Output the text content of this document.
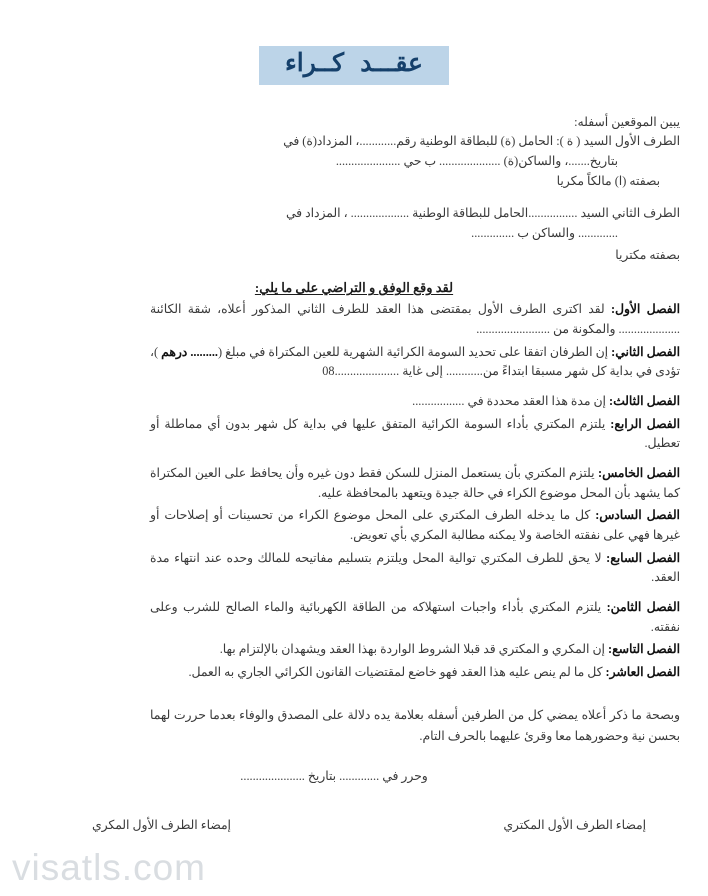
عقـــد كــراء
يبين الموقعين أسفله:
الطرف الأول السيد ( ة ): الحامل (ة) للبطاقة الوطنية رقم............، المزداد(ة) في
بتاريخ.......، والساكن(ة) .................... ب حي .....................
بصفته (ا) مالكاً مكريا
الطرف الثاني السيد ................الحامل للبطاقة الوطنية ................... ، المزداد في
............. والساكن ب ..............
بصفته مكتريا
لقد وقع الوفق و التراضي على ما يلي:

الفصل الأول: لقد اكترى الطرف الأول بمقتضى هذا العقد للطرف الثاني المذكور أعلاه، شقة الكائنة .................... والمكونة من ........................

الفصل الثاني: إن الطرفان اتفقا على تحديد السومة الكرائية الشهرية للعين المكتراة في مبلغ (......... درهم )، تؤدى في بداية كل شهر مسبقا ابتداءً من............ إلى غاية .....................08

الفصل الثالث: إن مدة هذا العقد محددة في .................

الفصل الرابع: يلتزم المكتري بأداء السومة الكرائية المتفق عليها في بداية كل شهر بدون أي مماطلة أو تعطيل.

الفصل الخامس: يلتزم المكتري بأن يستعمل المنزل للسكن فقط دون غيره وأن يحافظ على العين المكتراة كما يشهد بأن المحل موضوع الكراء في حالة جيدة ويتعهد بالمحافظة عليه.

الفصل السادس: كل ما يدخله الطرف المكتري على المحل موضوع الكراء من تحسينات أو إصلاحات أو غيرها فهي على نفقته الخاصة ولا يمكنه مطالبة المكري بأي تعويض.

الفصل السابع: لا يحق للطرف المكتري توالية المحل ويلتزم بتسليم مفاتيحه للمالك وحده عند انتهاء مدة العقد.

الفصل الثامن: يلتزم المكتري بأداء واجبات استهلاكه من الطاقة الكهربائية والماء الصالح للشرب وعلى نفقته.

الفصل التاسع: إن المكري و المكتري قد قبلا الشروط الواردة بهذا العقد ويشهدان بالإلتزام بها.

الفصل العاشر: كل ما لم ينص عليه هذا العقد فهو خاضع لمقتضيات القانون الكرائي الجاري به العمل.

وبصحة ما ذكر أعلاه يمضي كل من الطرفين أسفله بعلامة يده دلالة على المصدق والوفاء بعدما حررت لهما بحسن نية وحضورهما معا وقرئ عليهما بالحرف التام.
وحرر في ............. بتاريخ .....................
إمضاء الطرف الأول المكري	إمضاء الطرف الأول المكتري
visatls.com
